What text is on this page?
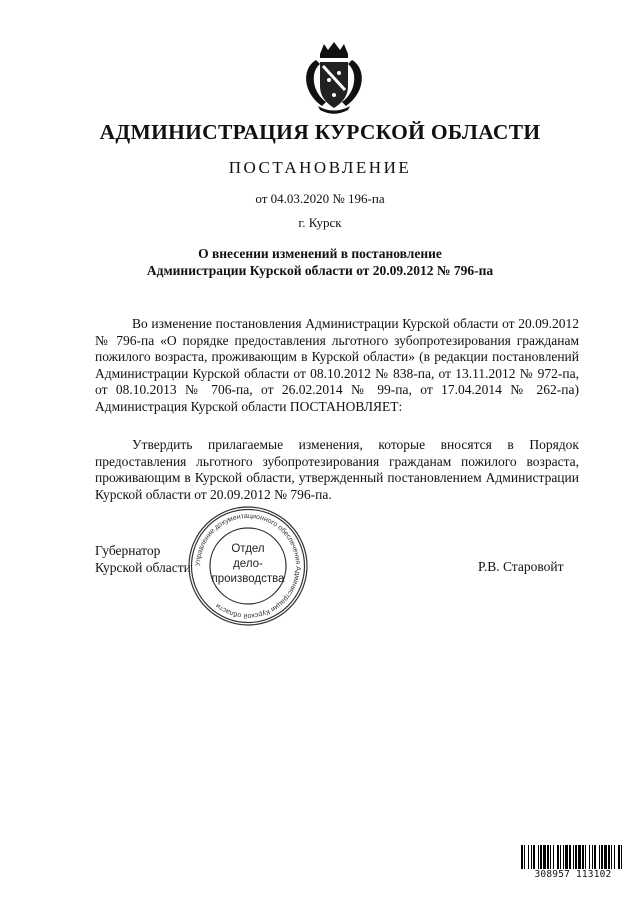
АДМИНИСТРАЦИЯ КУРСКОЙ ОБЛАСТИ
ПОСТАНОВЛЕНИЕ
от 04.03.2020 № 196-па
г. Курск
О внесении изменений в постановление
Администрации Курской области от 20.09.2012 № 796-па

Во изменение постановления Администрации Курской области от 20.09.2012 № 796-па «О порядке предоставления льготного зубопротезирования гражданам пожилого возраста, проживающим в Курской области» (в редакции постановлений Администрации Курской области от 08.10.2012 № 838-па, от 13.11.2012 № 972-па, от 08.10.2013 № 706-па, от 26.02.2014 № 99-па, от 17.04.2014 № 262-па) Администрация Курской области ПОСТАНОВЛЯЕТ:

Утвердить прилагаемые изменения, которые вносятся в Порядок предоставления льготного зубопротезирования гражданам пожилого возраста, проживающим в Курской области, утвержденный постановлением Администрации Курской области от 20.09.2012 № 796-па.

Губернатор
Курской области	Р.В. Старовойт
Управление документационного обеспечения Администрации Курской области
Отдел
дело-
производства
308957 113102
